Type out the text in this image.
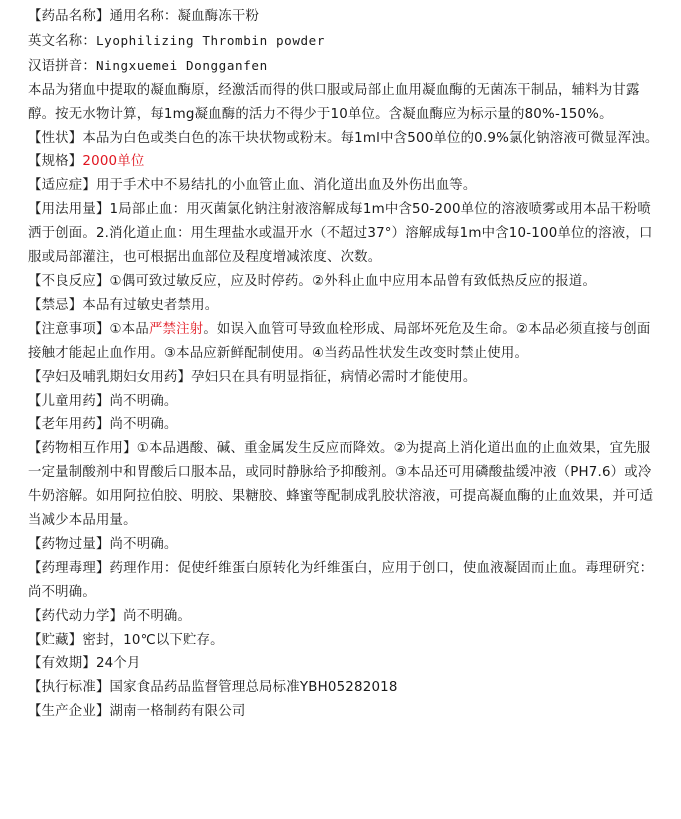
【药品名称】通用名称：凝血酶冻干粉

英文名称：Lyophilizing Thrombin powder

汉语拼音：Ningxuemei Dongganfen

本品为猪血中提取的凝血酶原，经激活而得的供口服或局部止血用凝血酶的无菌冻干制品，辅料为甘露醇。按无水物计算，每1mg凝血酶的活力不得少于10单位。含凝血酶应为标示量的80%-150%。

【性状】本品为白色或类白色的冻干块状物或粉末。每1ml中含500单位的0.9%氯化钠溶液可微显浑浊。

【规格】2000单位

【适应症】用于手术中不易结扎的小血管止血、消化道出血及外伤出血等。

【用法用量】1局部止血：用灭菌氯化钠注射液溶解成每1m中含50-200单位的溶液喷雾或用本品干粉喷洒于创面。2.消化道止血：用生理盐水或温开水（不超过37°）溶解成每1m中含10-100单位的溶液，口服或局部灌注，也可根据出血部位及程度增减浓度、次数。

【不良反应】①偶可致过敏反应，应及时停药。②外科止血中应用本品曾有致低热反应的报道。

【禁忌】本品有过敏史者禁用。

【注意事项】①本品严禁注射。如误入血管可导致血栓形成、局部坏死危及生命。②本品必须直接与创面接触才能起止血作用。③本品应新鲜配制使用。④当药品性状发生改变时禁止使用。

【孕妇及哺乳期妇女用药】孕妇只在具有明显指征，病情必需时才能使用。

【儿童用药】尚不明确。

【老年用药】尚不明确。

【药物相互作用】①本品遇酸、碱、重金属发生反应而降效。②为提高上消化道出血的止血效果，宜先服一定量制酸剂中和胃酸后口服本品，或同时静脉给予抑酸剂。③本品还可用磷酸盐缓冲液（PH7.6）或冷牛奶溶解。如用阿拉伯胶、明胶、果糖胶、蜂蜜等配制成乳胶状溶液，可提高凝血酶的止血效果，并可适当减少本品用量。

【药物过量】尚不明确。

【药理毒理】药理作用：促使纤维蛋白原转化为纤维蛋白，应用于创口，使血液凝固而止血。毒理研究：尚不明确。

【药代动力学】尚不明确。

【贮藏】密封，10℃以下贮存。

【有效期】24个月

【执行标准】国家食品药品监督管理总局标准YBH05282018

【生产企业】湖南一格制药有限公司
